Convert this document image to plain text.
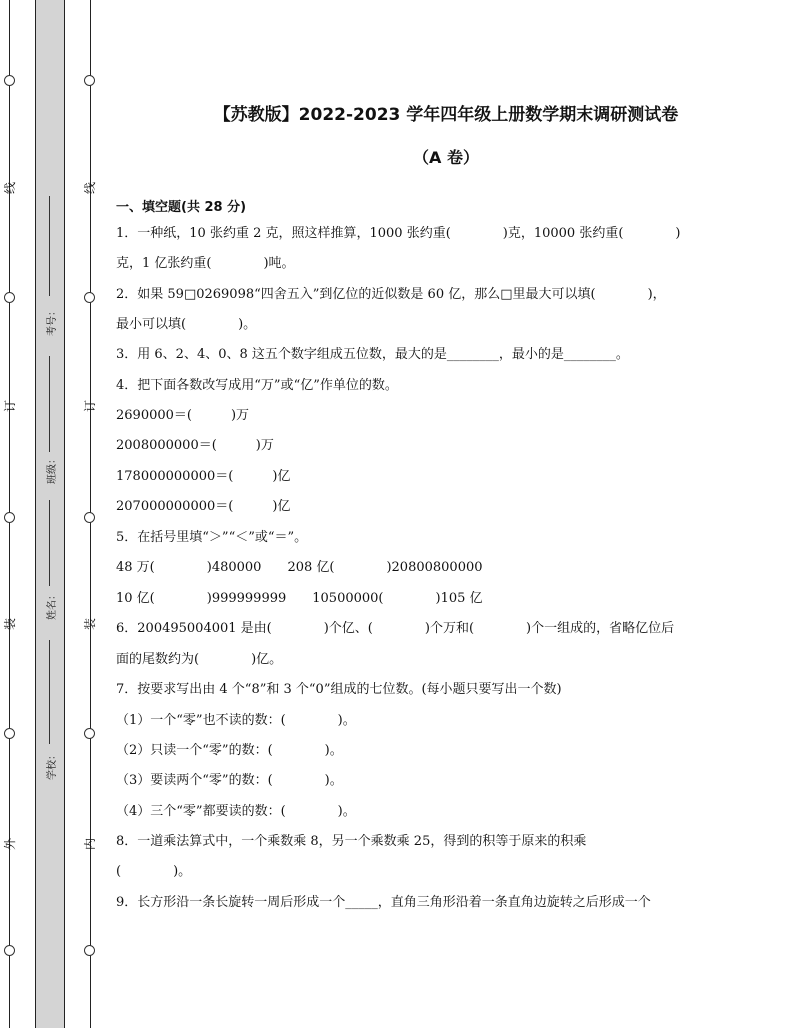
线
订
装
外
线
订
装
内
考号：
班级：
姓名：
学校：
【苏教版】2022-2023 学年四年级上册数学期末调研测试卷
（A 卷）
一、填空题(共 28 分)
1．一种纸，10 张约重 2 克，照这样推算，1000 张约重(　　　　)克，10000 张约重(　　　　)
克，1 亿张约重(　　　　)吨。
2．如果 59□0269098“四舍五入”到亿位的近似数是 60 亿，那么□里最大可以填(　　　　)，
最小可以填(　　　　)。
3．用 6、2、4、0、8 这五个数字组成五位数，最大的是________，最小的是________。
4．把下面各数改写成用“万”或“亿”作单位的数。
2690000＝(　　　)万
2008000000＝(　　　)万
178000000000＝(　　　)亿
207000000000＝(　　　)亿
5．在括号里填“＞”“＜”或“＝”。
48 万(　　　　)480000　　208 亿(　　　　)20800800000
10 亿(　　　　)999999999　　10500000(　　　　)105 亿
6．200495004001 是由(　　　　)个亿、(　　　　)个万和(　　　　)个一组成的，省略亿位后
面的尾数约为(　　　　)亿。
7．按要求写出由 4 个“8”和 3 个“0”组成的七位数。(每小题只要写出一个数)
（1）一个“零”也不读的数：(　　　　)。
（2）只读一个“零”的数：(　　　　)。
（3）要读两个“零”的数：(　　　　)。
（4）三个“零”都要读的数：(　　　　)。
8．一道乘法算式中，一个乘数乘 8，另一个乘数乘 25，得到的积等于原来的积乘
(　　　　)。
9．长方形沿一条长旋转一周后形成一个_____，直角三角形沿着一条直角边旋转之后形成一个
